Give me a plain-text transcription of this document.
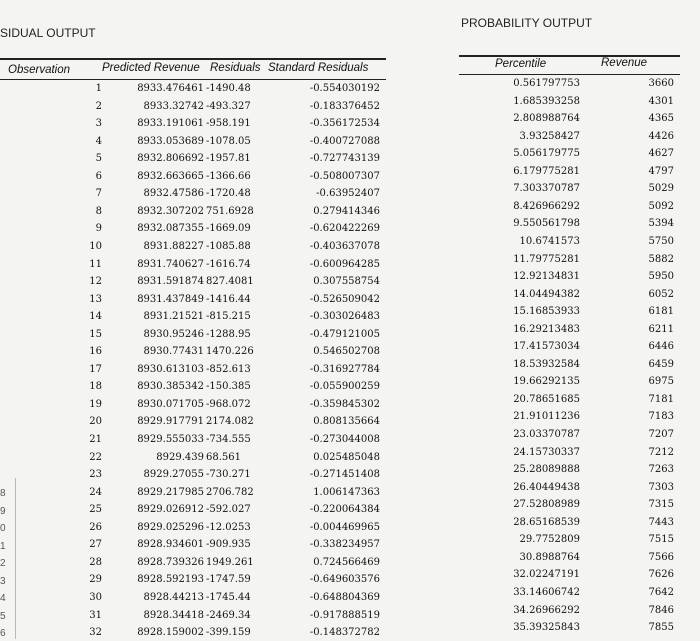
SIDUAL OUTPUT
PROBABILITY OUTPUT
Observation	Predicted Revenue Residuals Standard Residuals	Percentile	Revenue
1	8933.476461 -1490.48	-0.554030192	0.561797753	3660
2	8933.32742 -493.327	-0.183376452	1.685393258	4301
3	8933.191061 -958.191	-0.356172534	2.808988764	4365
4	8933.053689 -1078.05	-0.400727088	3.93258427	4426
5	8932.806692 -1957.81	-0.727743139	5.056179775	4627
6	8932.663665 -1366.66	-0.508007307	6.179775281	4797
7	8932.47586 -1720.48	-0.63952407	7.303370787	5029
8	8932.307202 751.6928	0.279414346	8.426966292	5092
9	8932.087355 -1669.09	-0.620422269	9.550561798	5394
10	8931.88227 -1085.88	-0.403637078	10.6741573	5750
11	8931.740627 -1616.74	-0.600964285	11.79775281	5882
12	8931.591874 827.4081	0.307558754	12.92134831	5950
13	8931.437849 -1416.44	-0.526509042	14.04494382	6052
14	8931.21521 -815.215	-0.303026483	15.16853933	6181
15	8930.95246 -1288.95	-0.479121005	16.29213483	6211
16	8930.77431 1470.226	0.546502708	17.41573034	6446
17	8930.613103 -852.613	-0.316927784	18.53932584	6459
18	8930.385342 -150.385	-0.055900259	19.66292135	6975
19	8930.071705 -968.072	-0.359845302	20.78651685	7181
20	8929.917791 2174.082	0.808135664	21.91011236	7183
21	8929.555033 -734.555	-0.273044008	23.03370787	7207
22	8929.439 68.561	0.025485048	24.15730337	7212
23	8929.27055 -730.271	-0.271451408	25.28089888	7263
24	8929.217985 2706.782	1.006147363	26.40449438	7303
25	8929.026912 -592.027	-0.220064384	27.52808989	7315
26	8929.025296 -12.0253	-0.004469965	28.65168539	7443
27	8928.934601 -909.935	-0.338234957	29.7752809	7515
28	8928.739326 1949.261	0.724566469	30.8988764	7566
29	8928.592193 -1747.59	-0.649603576	32.02247191	7626
30	8928.44213 -1745.44	-0.648804369	33.14606742	7642
31	8928.34418 -2469.34	-0.917888519	34.26966292	7846
32	8928.159002 -399.159	-0.148372782	35.39325843	7855
8
9
0
1
2
3
4
5
6
